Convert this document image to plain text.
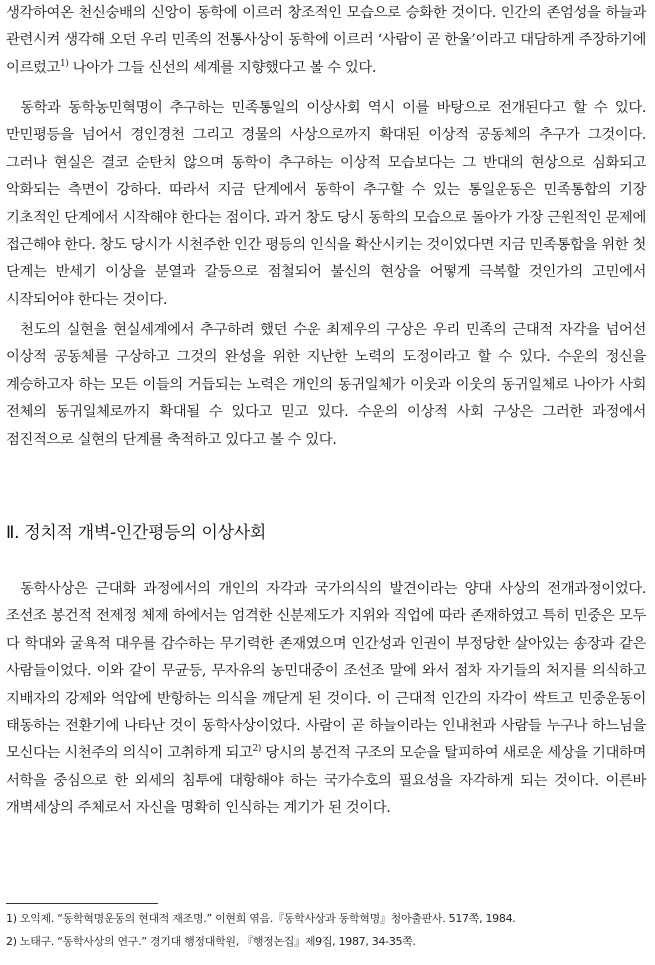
생각하여온 천신숭배의 신앙이 동학에 이르러 창조적인 모습으로 승화한 것이다. 인간의 존엄성을 하늘과 관련시켜 생각해 오던 우리 민족의 전통사상이 동학에 이르러 ‘사람이 곧 한울’이라고 대담하게 주장하기에 이르렀고$^{1)}$ 나아가 그들 신선의 세계를 지향했다고 볼 수 있다.

동학과 동학농민혁명이 추구하는 민족통일의 이상사회 역시 이를 바탕으로 전개된다고 할 수 있다. 만민평등을 넘어서 경인경천 그리고 경물의 사상으로까지 확대된 이상적 공동체의 추구가 그것이다. 그러나 현실은 결코 순탄치 않으며 동학이 추구하는 이상적 모습보다는 그 반대의 현상으로 심화되고 악화되는 측면이 강하다. 따라서 지금 단계에서 동학이 추구할 수 있는 통일운동은 민족통합의 기장 기초적인 단계에서 시작해야 한다는 점이다. 과거 창도 당시 동학의 모습으로 돌아가 가장 근원적인 문제에 접근해야 한다. 창도 당시가 시천주한 인간 평등의 인식을 확산시키는 것이었다면 지금 민족통합을 위한 첫 단계는 반세기 이상을 분열과 갈등으로 점철되어 불신의 현상을 어떻게 극복할 것인가의 고민에서 시작되어야 한다는 것이다.

천도의 실현을 현실세계에서 추구하려 했던 수운 최제우의 구상은 우리 민족의 근대적 자각을 넘어선 이상적 공동체를 구상하고 그것의 완성을 위한 지난한 노력의 도정이라고 할 수 있다. 수운의 정신을 계승하고자 하는 모든 이들의 거듭되는 노력은 개인의 동귀일체가 이웃과 이웃의 동귀일체로 나아가 사회 전체의 동귀일체로까지 확대될 수 있다고 믿고 있다. 수운의 이상적 사회 구상은 그러한 과정에서 점진적으로 실현의 단계를 축적하고 있다고 볼 수 있다.

Ⅱ. 정치적 개벽-인간평등의 이상사회

동학사상은 근대화 과정에서의 개인의 자각과 국가의식의 발견이라는 양대 사상의 전개과정이었다. 조선조 봉건적 전제정 체제 하에서는 엄격한 신분제도가 지위와 직업에 따라 존재하였고 특히 민중은 모두 다 학대와 굴욕적 대우를 감수하는 무기력한 존재였으며 인간성과 인권이 부정당한 살아있는 송장과 같은 사람들이었다. 이와 같이 무균등, 무자유의 농민대중이 조선조 말에 와서 점차 자기들의 처지를 의식하고 지배자의 강제와 억압에 반항하는 의식을 깨닫게 된 것이다. 이 근대적 인간의 자각이 싹트고 민중운동이 태동하는 전환기에 나타난 것이 동학사상이었다. 사람이 곧 하늘이라는 인내천과 사람들 누구나 하느님을 모신다는 시천주의 의식이 고취하게 되고$^{2)}$ 당시의 봉건적 구조의 모순을 탈피하여 새로운 세상을 기대하며 서학을 중심으로 한 외세의 침투에 대항해야 하는 국가수호의 필요성을 자각하게 되는 것이다. 이른바 개벽세상의 주체로서 자신을 명확히 인식하는 계기가 된 것이다.

1) 오익제. “동학혁명운동의 현대적 재조명.” 이현희 엮음.『동학사상과 동학혁명』청아출판사. 517쪽, 1984.

2) 노태구. “동학사상의 연구.” 경기대 행정대학원, 『행정논집』제9집, 1987, 34-35쪽.
